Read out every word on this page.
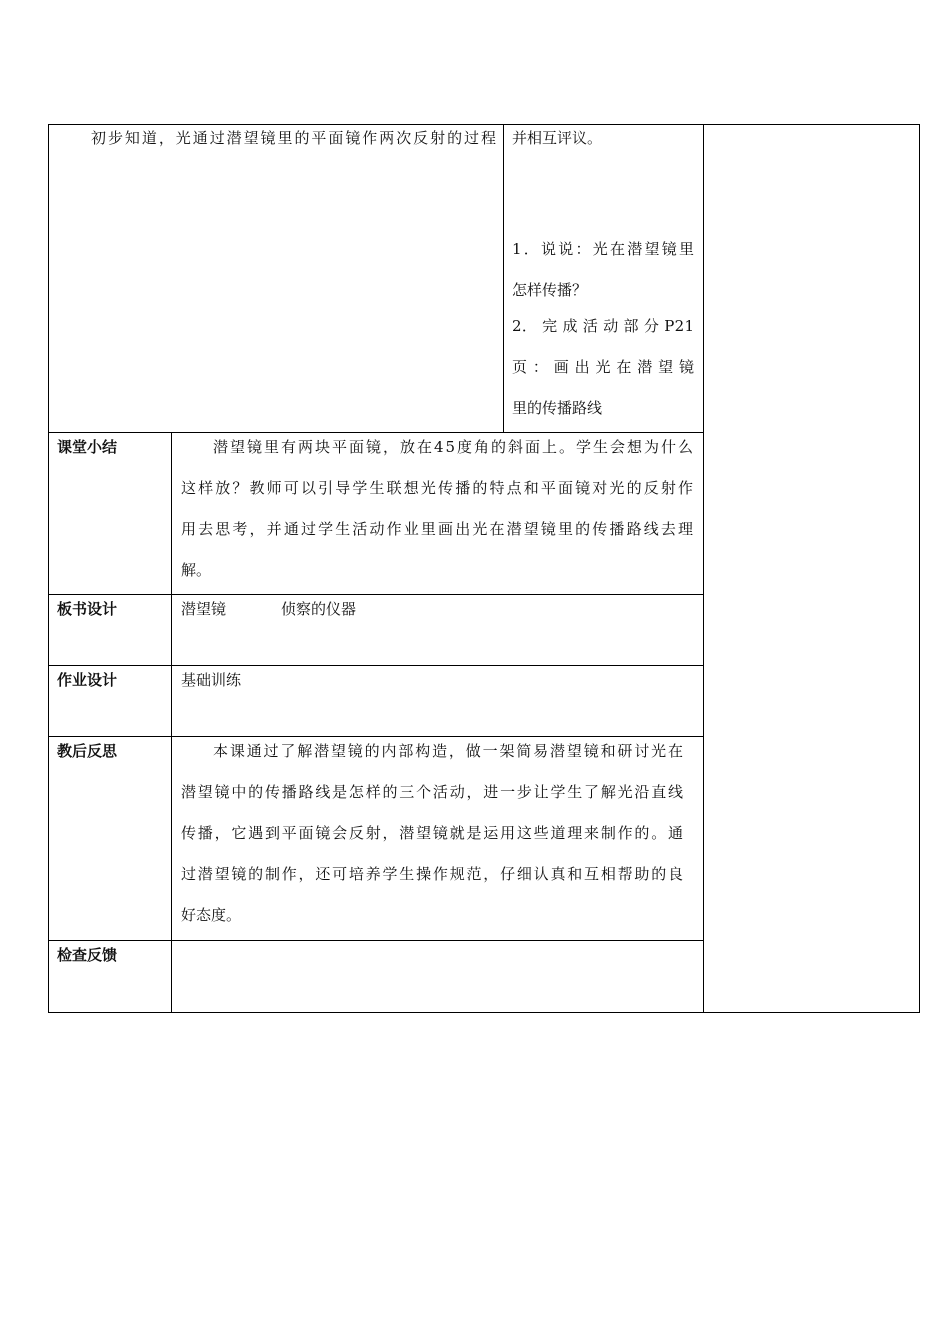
初步知道，光通过潜望镜里的平面镜作两次反射的过程 并相互评议。
1．说说：光在潜望镜里
怎样传播？
2． 完 成 活 动 部 分 P21
页 ： 画 出 光 在 潜 望 镜
里的传播路线
课堂小结	潜望镜里有两块平面镜，放在45度角的斜面上。学生会想为什么
这样放？教师可以引导学生联想光传播的特点和平面镜对光的反射作
用去思考，并通过学生活动作业里画出光在潜望镜里的传播路线去理
解。
板书设计	潜望镜	侦察的仪器
作业设计	基础训练
教后反思	本课通过了解潜望镜的内部构造，做一架简易潜望镜和研讨光在
潜望镜中的传播路线是怎样的三个活动，进一步让学生了解光沿直线
传播，它遇到平面镜会反射，潜望镜就是运用这些道理来制作的。通
过潜望镜的制作，还可培养学生操作规范，仔细认真和互相帮助的良
好态度。
检查反馈
